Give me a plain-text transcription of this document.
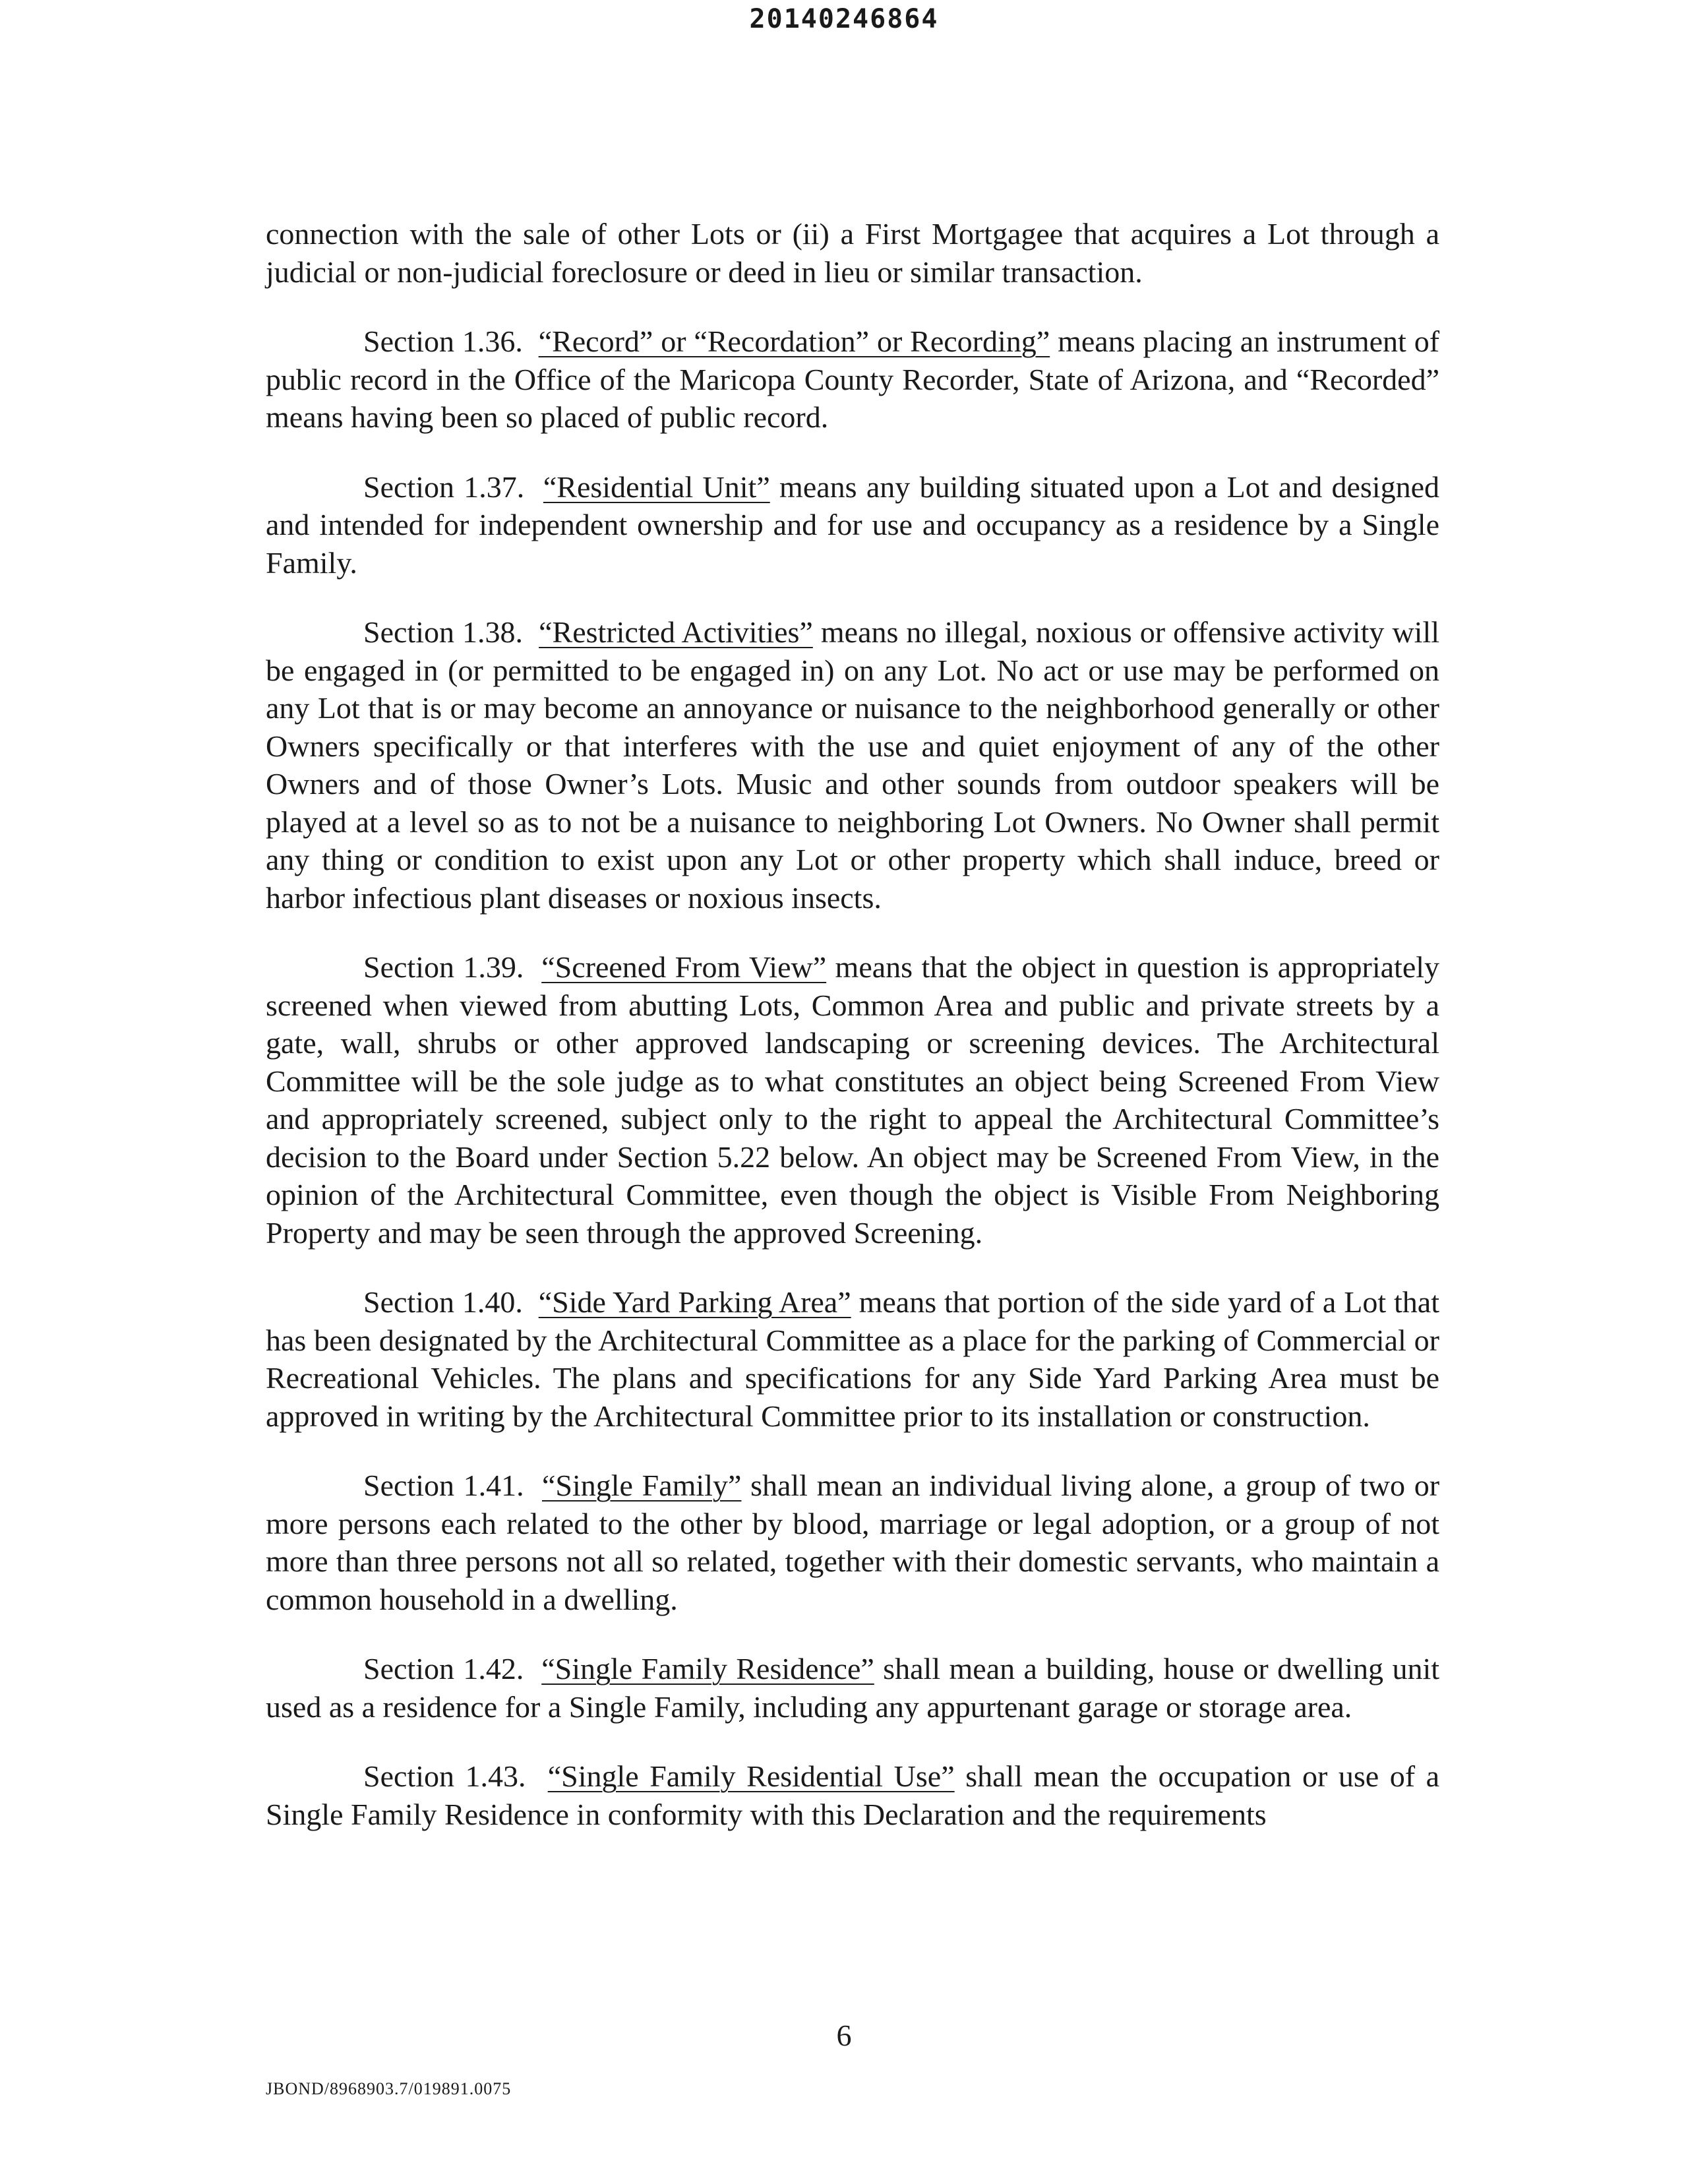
20140246864

connection with the sale of other Lots or (ii) a First Mortgagee that acquires a Lot through a judicial or non-judicial foreclosure or deed in lieu or similar transaction.

Section 1.36. “Record” or “Recordation” or Recording” means placing an instrument of public record in the Office of the Maricopa County Recorder, State of Arizona, and “Recorded” means having been so placed of public record.

Section 1.37. “Residential Unit” means any building situated upon a Lot and designed and intended for independent ownership and for use and occupancy as a residence by a Single Family.

Section 1.38. “Restricted Activities” means no illegal, noxious or offensive activity will be engaged in (or permitted to be engaged in) on any Lot. No act or use may be performed on any Lot that is or may become an annoyance or nuisance to the neighborhood generally or other Owners specifically or that interferes with the use and quiet enjoyment of any of the other Owners and of those Owner’s Lots. Music and other sounds from outdoor speakers will be played at a level so as to not be a nuisance to neighboring Lot Owners. No Owner shall permit any thing or condition to exist upon any Lot or other property which shall induce, breed or harbor infectious plant diseases or noxious insects.

Section 1.39. “Screened From View” means that the object in question is appropriately screened when viewed from abutting Lots, Common Area and public and private streets by a gate, wall, shrubs or other approved landscaping or screening devices. The Architectural Committee will be the sole judge as to what constitutes an object being Screened From View and appropriately screened, subject only to the right to appeal the Architectural Committee’s decision to the Board under Section 5.22 below. An object may be Screened From View, in the opinion of the Architectural Committee, even though the object is Visible From Neighboring Property and may be seen through the approved Screening.

Section 1.40. “Side Yard Parking Area” means that portion of the side yard of a Lot that has been designated by the Architectural Committee as a place for the parking of Commercial or Recreational Vehicles. The plans and specifications for any Side Yard Parking Area must be approved in writing by the Architectural Committee prior to its installation or construction.

Section 1.41. “Single Family” shall mean an individual living alone, a group of two or more persons each related to the other by blood, marriage or legal adoption, or a group of not more than three persons not all so related, together with their domestic servants, who maintain a common household in a dwelling.

Section 1.42. “Single Family Residence” shall mean a building, house or dwelling unit used as a residence for a Single Family, including any appurtenant garage or storage area.

Section 1.43. “Single Family Residential Use” shall mean the occupation or use of a Single Family Residence in conformity with this Declaration and the requirements

6
JBOND/8968903.7/019891.0075
